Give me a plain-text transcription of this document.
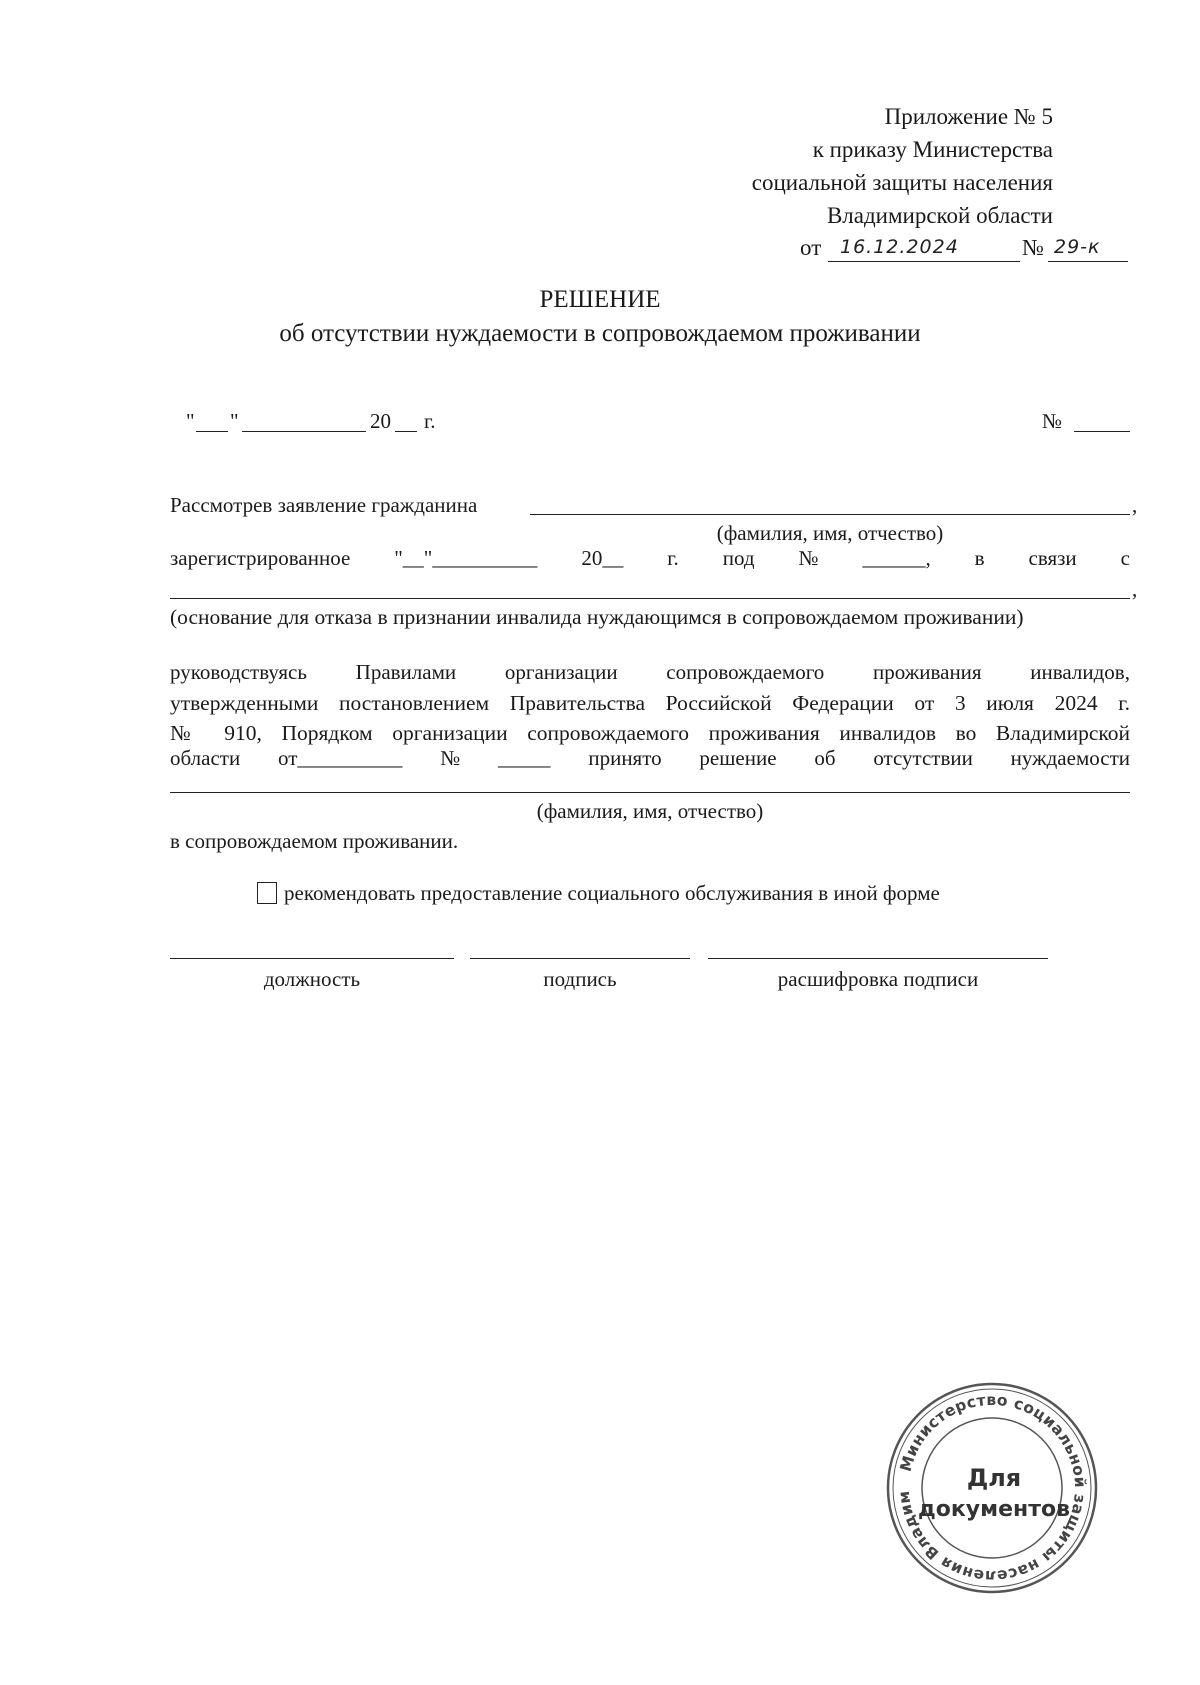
Приложение № 5
к приказу Министерства
социальной защиты населения
Владимирской области
от 16.12.2024	№ 29-к
РЕШЕНИЕ
об отсутствии нуждаемости в сопровождаемом проживании
" "	20 г.	№
Рассмотрев заявление гражданина	,
(фамилия, имя, отчество)
зарегистрированное "__"__________ 20__ г. под № ______, в связи с
,
(основание для отказа в признании инвалида нуждающимся в сопровождаемом проживании)
руководствуясь Правилами организации сопровождаемого проживания инвалидов,
утвержденными постановлением Правительства Российской Федерации от 3 июля 2024 г.
№ 910, Порядком организации сопровождаемого проживания инвалидов во Владимирской
области от__________ № _____ принято решение об отсутствии нуждаемости
(фамилия, имя, отчество)
в сопровождаемом проживании.
рекомендовать предоставление социального обслуживания в иной форме
должность	подпись	расшифровка подписи
Министерство социальной защиты населения Владим
Для
документов
